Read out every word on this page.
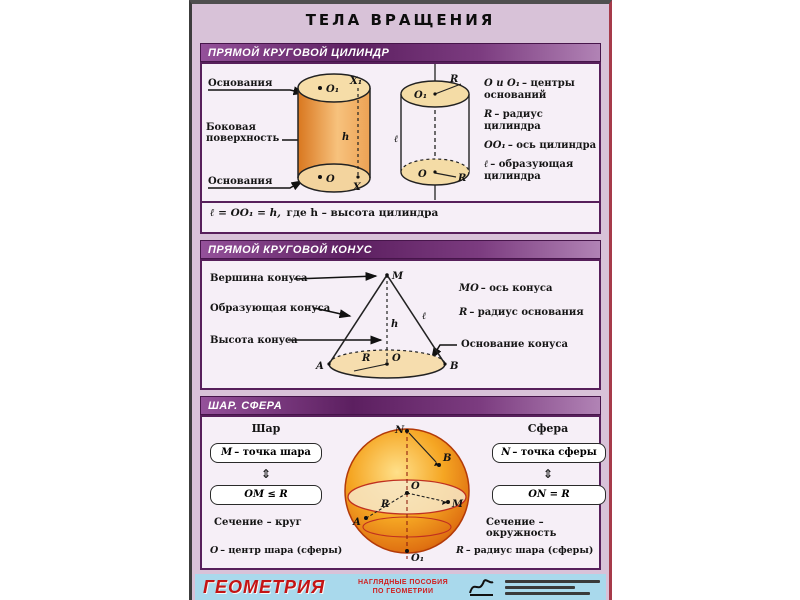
ТЕЛА ВРАЩЕНИЯ
ПРЯМОЙ КРУГОВОЙ ЦИЛИНДР
Основания
Боковая поверхность
Основания
O₁
X₁
h
O
X
O₁
R
ℓ
O	R
O и O₁ – центры оснований
R – радиус цилиндра
OO₁ – ось цилиндра
ℓ – образующая цилиндра
ℓ = OO₁ = h, где h – высота цилиндра
ПРЯМОЙ КРУГОВОЙ КОНУС
Вершина конуса
Образующая конуса
Высота конуса
M
h
ℓ
A
R O
B
MO – ось конуса
R – радиус основания
Основание конуса
ШАР. СФЕРА
Шар
M – точка шара
⇕
OM ≤ R
Сечение – круг
Сфера
N – точка сферы
⇕
ON = R
Сечение – окружность
N
B
O
M
R
A
O₁
O – центр шара (сферы)	R – радиус шара (сферы)
ГЕОМЕТРИЯ	НАГЛЯДНЫЕ ПОСОБИЯ
ПО ГЕОМЕТРИИ
